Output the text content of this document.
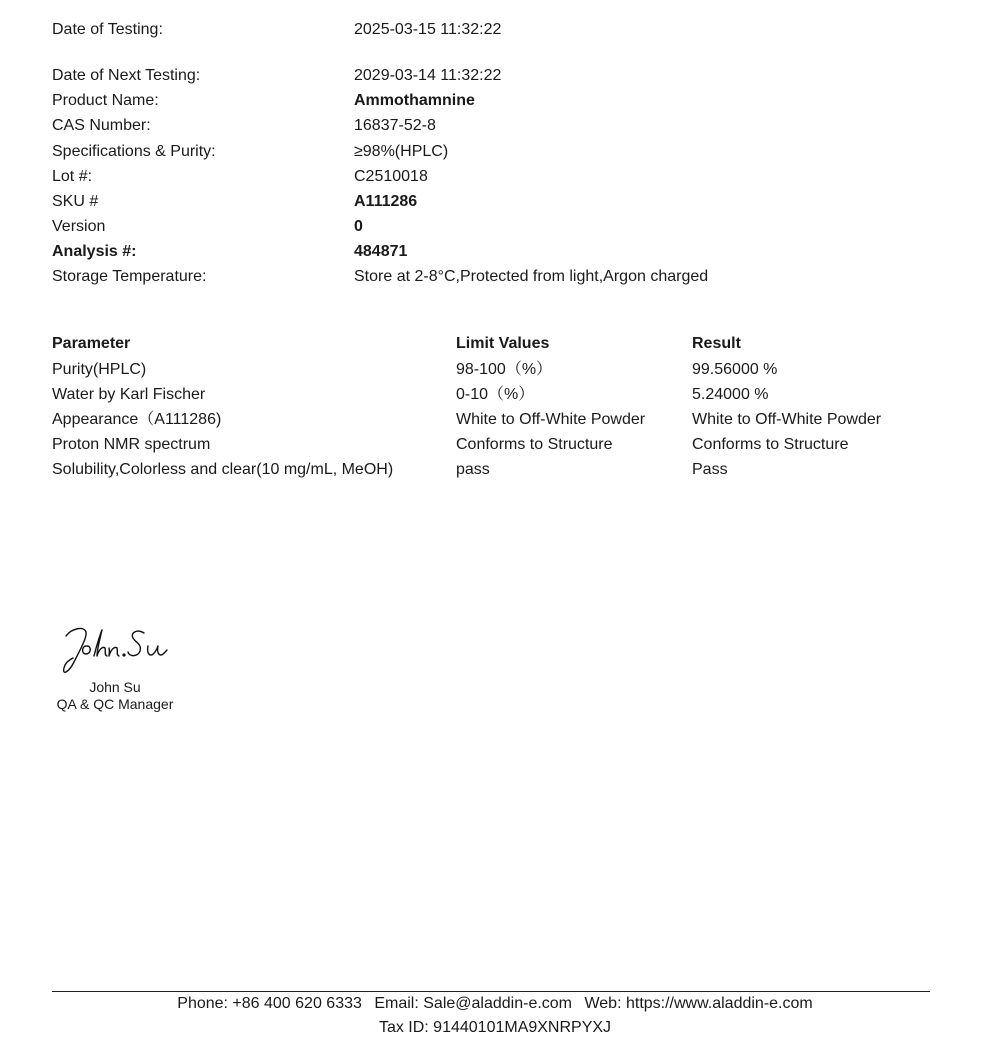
Date of Testing:	2025-03-15 11:32:22
Date of Next Testing:	2029-03-14 11:32:22
Product Name:	Ammothamnine
CAS Number:	16837-52-8
Specifications & Purity:	≥98%(HPLC)
Lot #:	C2510018
SKU #	A111286
Version	0
Analysis #:	484871
Storage Temperature:	Store at 2-8°C,Protected from light,Argon charged
Parameter	Limit Values	Result
Purity(HPLC)	98-100（%）	99.56000 %
Water by Karl Fischer	0-10（%）	5.24000 %
Appearance（A111286)	White to Off-White Powder	White to Off-White Powder
Proton NMR spectrum	Conforms to Structure	Conforms to Structure
Solubility,Colorless and clear(10 mg/mL, MeOH)	pass	Pass
John Su
QA & QC Manager
Phone: +86 400 620 6333 Email: Sale@aladdin-e.com Web: https://www.aladdin-e.com
Tax ID: 91440101MA9XNRPYXJ
